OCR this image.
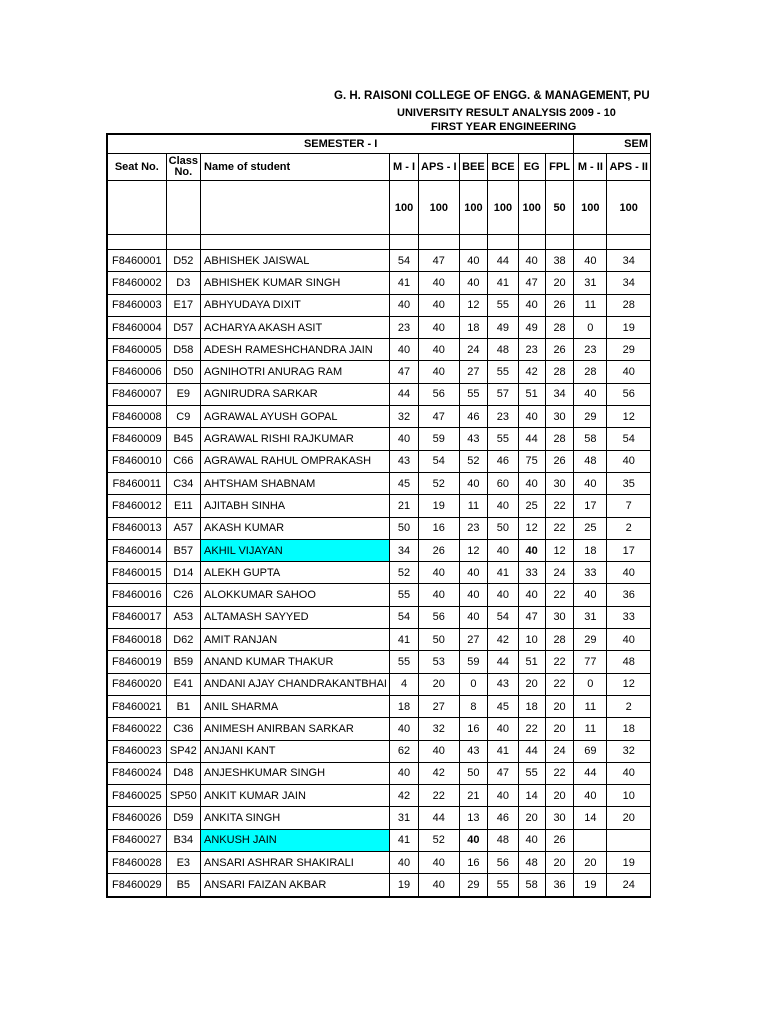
G. H. RAISONI COLLEGE OF ENGG. & MANAGEMENT, PU
UNIVERSITY RESULT ANALYSIS 2009 - 10
FIRST YEAR ENGINEERING
SEMESTER - I									SEM	
Seat No.	Class No.	Name of student	M - I	APS - I	BEE	BCE	EG	FPL	M - II	APS - II
			100	100	100	100	100	50	100	100

F8460001	D52	ABHISHEK JAISWAL	54	47	40	44	40	38	40	34
F8460002	D3	ABHISHEK KUMAR SINGH	41	40	40	41	47	20	31	34
F8460003	E17	ABHYUDAYA DIXIT	40	40	12	55	40	26	11	28
F8460004	D57	ACHARYA AKASH ASIT	23	40	18	49	49	28	0	19
F8460005	D58	ADESH RAMESHCHANDRA JAIN	40	40	24	48	23	26	23	29
F8460006	D50	AGNIHOTRI ANURAG RAM	47	40	27	55	42	28	28	40
F8460007	E9	AGNIRUDRA SARKAR	44	56	55	57	51	34	40	56
F8460008	C9	AGRAWAL AYUSH GOPAL	32	47	46	23	40	30	29	12
F8460009	B45	AGRAWAL RISHI RAJKUMAR	40	59	43	55	44	28	58	54
F8460010	C66	AGRAWAL RAHUL OMPRAKASH	43	54	52	46	75	26	48	40
F8460011	C34	AHTSHAM SHABNAM	45	52	40	60	40	30	40	35
F8460012	E11	AJITABH SINHA	21	19	11	40	25	22	17	7
F8460013	A57	AKASH KUMAR	50	16	23	50	12	22	25	2
F8460014	B57	AKHIL VIJAYAN	34	26	12	40	40	12	18	17
F8460015	D14	ALEKH GUPTA	52	40	40	41	33	24	33	40
F8460016	C26	ALOKKUMAR SAHOO	55	40	40	40	40	22	40	36
F8460017	A53	ALTAMASH SAYYED	54	56	40	54	47	30	31	33
F8460018	D62	AMIT RANJAN	41	50	27	42	10	28	29	40
F8460019	B59	ANAND KUMAR THAKUR	55	53	59	44	51	22	77	48
F8460020	E41	ANDANI AJAY CHANDRAKANTBHAI	4	20	0	43	20	22	0	12
F8460021	B1	ANIL SHARMA	18	27	8	45	18	20	11	2
F8460022	C36	ANIMESH ANIRBAN SARKAR	40	32	16	40	22	20	11	18
F8460023	SP42	ANJANI KANT	62	40	43	41	44	24	69	32
F8460024	D48	ANJESHKUMAR SINGH	40	42	50	47	55	22	44	40
F8460025	SP50	ANKIT KUMAR JAIN	42	22	21	40	14	20	40	10
F8460026	D59	ANKITA SINGH	31	44	13	46	20	30	14	20
F8460027	B34	ANKUSH JAIN	41	52	40	48	40	26		
F8460028	E3	ANSARI ASHRAR SHAKIRALI	40	40	16	56	48	20	20	19
F8460029	B5	ANSARI FAIZAN AKBAR	19	40	29	55	58	36	19	24
